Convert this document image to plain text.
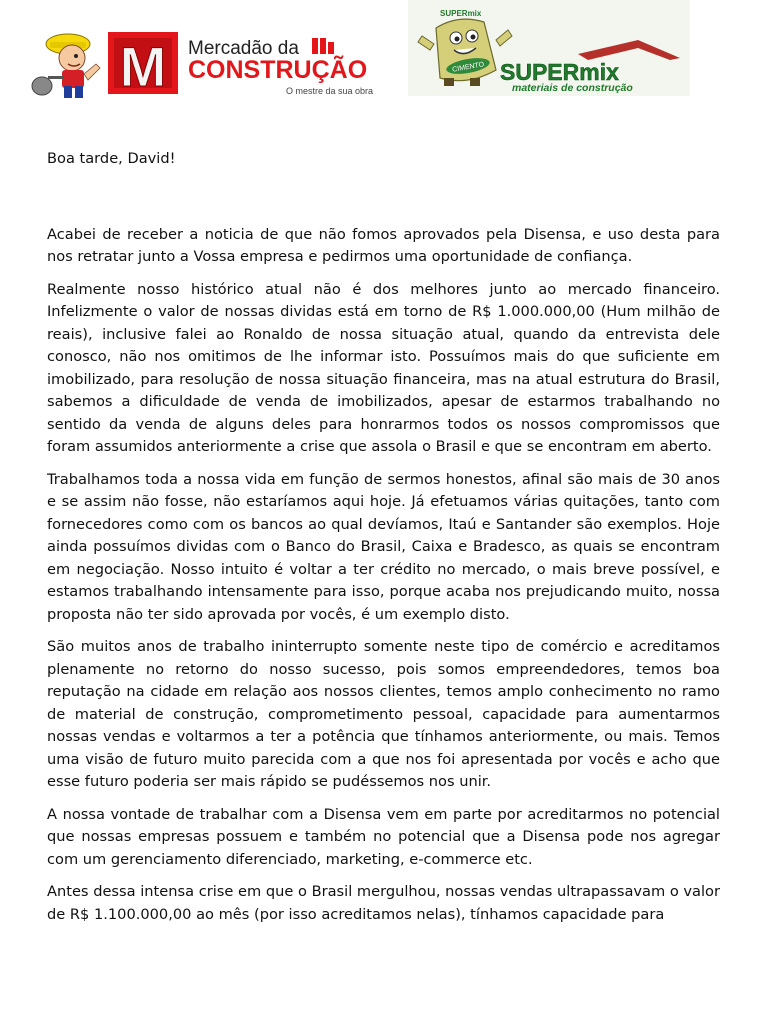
M Mercadão da
CONSTRUÇÃO
O mestre da sua obra
CIMENTO
SUPERmix
SUPERmix
materiais de construção

Boa tarde, David!

Acabei de receber a noticia de que não fomos aprovados pela Disensa, e uso desta para nos retratar junto a Vossa empresa e pedirmos uma oportunidade de confiança.

Realmente nosso histórico atual não é dos melhores junto ao mercado financeiro. Infelizmente o valor de nossas dividas está em torno de R$ 1.000.000,00 (Hum milhão de reais), inclusive falei ao Ronaldo de nossa situação atual, quando da entrevista dele conosco, não nos omitimos de lhe informar isto. Possuímos mais do que suficiente em imobilizado, para resolução de nossa situação financeira, mas na atual estrutura do Brasil, sabemos a dificuldade de venda de imobilizados, apesar de estarmos trabalhando no sentido da venda de alguns deles para honrarmos todos os nossos compromissos que foram assumidos anteriormente a crise que assola o Brasil e que se encontram em aberto.

Trabalhamos toda a nossa vida em função de sermos honestos, afinal são mais de 30 anos e se assim não fosse, não estaríamos aqui hoje. Já efetuamos várias quitações, tanto com fornecedores como com os bancos ao qual devíamos, Itaú e Santander são exemplos. Hoje ainda possuímos dividas com o Banco do Brasil, Caixa e Bradesco, as quais se encontram em negociação. Nosso intuito é voltar a ter crédito no mercado, o mais breve possível, e estamos trabalhando intensamente para isso, porque acaba nos prejudicando muito, nossa proposta não ter sido aprovada por vocês, é um exemplo disto.

São muitos anos de trabalho ininterrupto somente neste tipo de comércio e acreditamos plenamente no retorno do nosso sucesso, pois somos empreendedores, temos boa reputação na cidade em relação aos nossos clientes, temos amplo conhecimento no ramo de material de construção, comprometimento pessoal, capacidade para aumentarmos nossas vendas e voltarmos a ter a potência que tínhamos anteriormente, ou mais. Temos uma visão de futuro muito parecida com a que nos foi apresentada por vocês e acho que esse futuro poderia ser mais rápido se pudéssemos nos unir.

A nossa vontade de trabalhar com a Disensa vem em parte por acreditarmos no potencial que nossas empresas possuem e também no potencial que a Disensa pode nos agregar com um gerenciamento diferenciado, marketing, e-commerce etc.

Antes dessa intensa crise em que o Brasil mergulhou, nossas vendas ultrapassavam o valor de R$ 1.100.000,00 ao mês (por isso acreditamos nelas), tínhamos capacidade para
